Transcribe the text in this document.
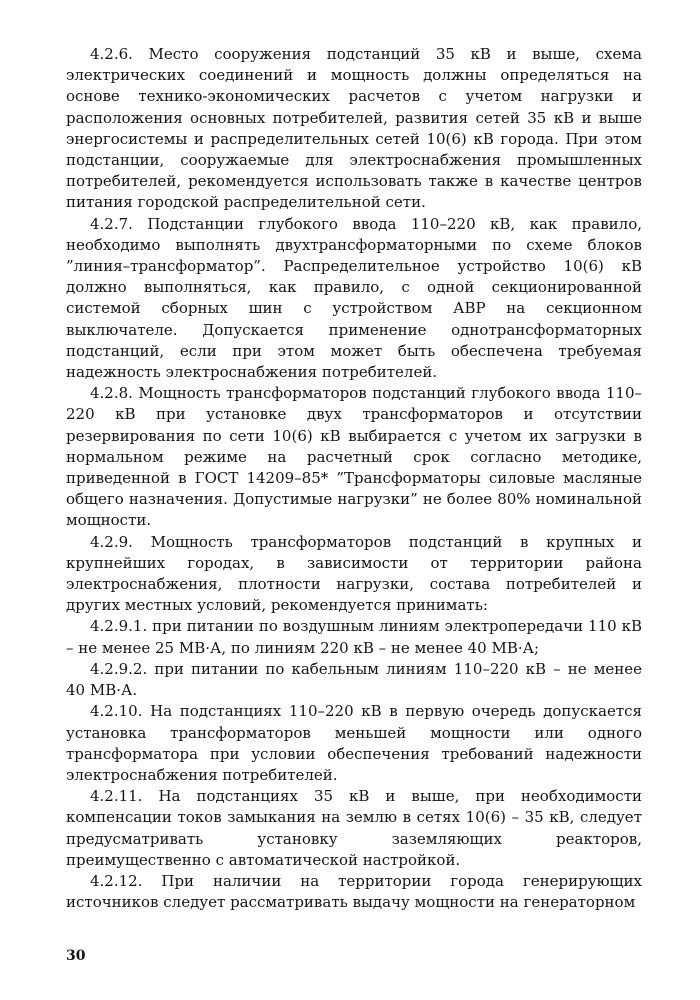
4.2.6. Место сооружения подстанций 35 кВ и выше, схема электрических соединений и мощность должны определяться на основе технико-экономических расчетов с учетом нагрузки и расположения основных потребителей, развития сетей 35 кВ и выше энергосистемы и распределительных сетей 10(6) кВ города. При этом подстанции, сооружаемые для электроснабжения промышленных потребителей, рекомендуется использовать также в качестве центров питания городской распределительной сети.

4.2.7. Подстанции глубокого ввода 110–220 кВ, как правило, необходимо выполнять двухтрансформаторными по схеме блоков ”линия–трансформатор”. Распределительное устройство 10(6) кВ должно выполняться, как правило, с одной секционированной системой сборных шин с устройством АВР на секционном выключателе. Допускается применение однотрансформаторных подстанций, если при этом может быть обеспечена требуемая надежность электроснабжения потребителей.

4.2.8. Мощность трансформаторов подстанций глубокого ввода 110–220 кВ при установке двух трансформаторов и отсутствии резервирования по сети 10(6) кВ выбирается с учетом их загрузки в нормальном режиме на расчетный срок согласно методике, приведенной в ГОСТ 14209–85* ”Трансформаторы силовые масляные общего назначения. Допустимые нагрузки” не более 80% номинальной мощности.

4.2.9. Мощность трансформаторов подстанций в крупных и крупнейших городах, в зависимости от территории района электроснабжения, плотности нагрузки, состава потребителей и других местных условий, рекомендуется принимать:

4.2.9.1. при питании по воздушным линиям электропередачи 110 кВ – не менее 25 МВ·А, по линиям 220 кВ – не менее 40 МВ·А;

4.2.9.2. при питании по кабельным линиям 110–220 кВ – не менее 40 МВ·А.

4.2.10. На подстанциях 110–220 кВ в первую очередь допускается установка трансформаторов меньшей мощности или одного трансформатора при условии обеспечения требований надежности электроснабжения потребителей.

4.2.11. На подстанциях 35 кВ и выше, при необходимости компенсации токов замыкания на землю в сетях 10(6) – 35 кВ, следует предусматривать установку заземляющих реакторов, преимущественно с автоматической настройкой.

4.2.12. При наличии на территории города генерирующих источников следует рассматривать выдачу мощности на генераторном

30
